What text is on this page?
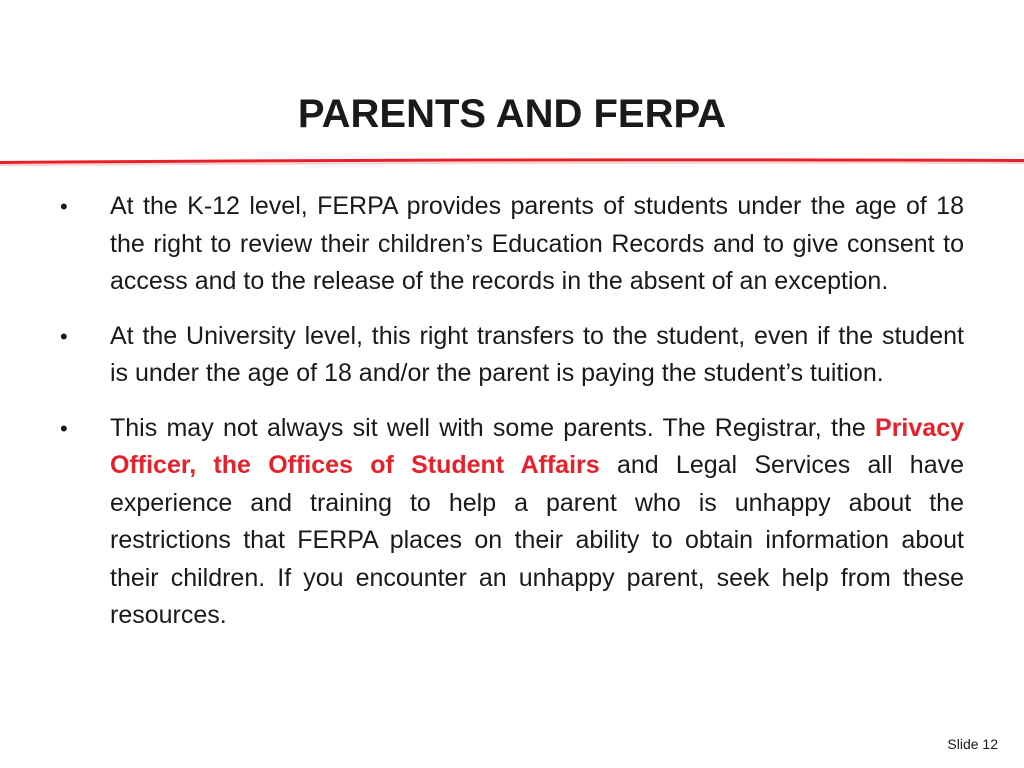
PARENTS AND FERPA
• At the K-12 level, FERPA provides parents of students under the age of 18 the right to review their children’s Education Records and to give consent to access and to the release of the records in the absent of an exception.
• At the University level, this right transfers to the student, even if the student is under the age of 18 and/or the parent is paying the student’s tuition.
• This may not always sit well with some parents. The Registrar, the Privacy Officer, the Offices of Student Affairs and Legal Services all have experience and training to help a parent who is unhappy about the restrictions that FERPA places on their ability to obtain information about their children. If you encounter an unhappy parent, seek help from these resources.
Slide 12
